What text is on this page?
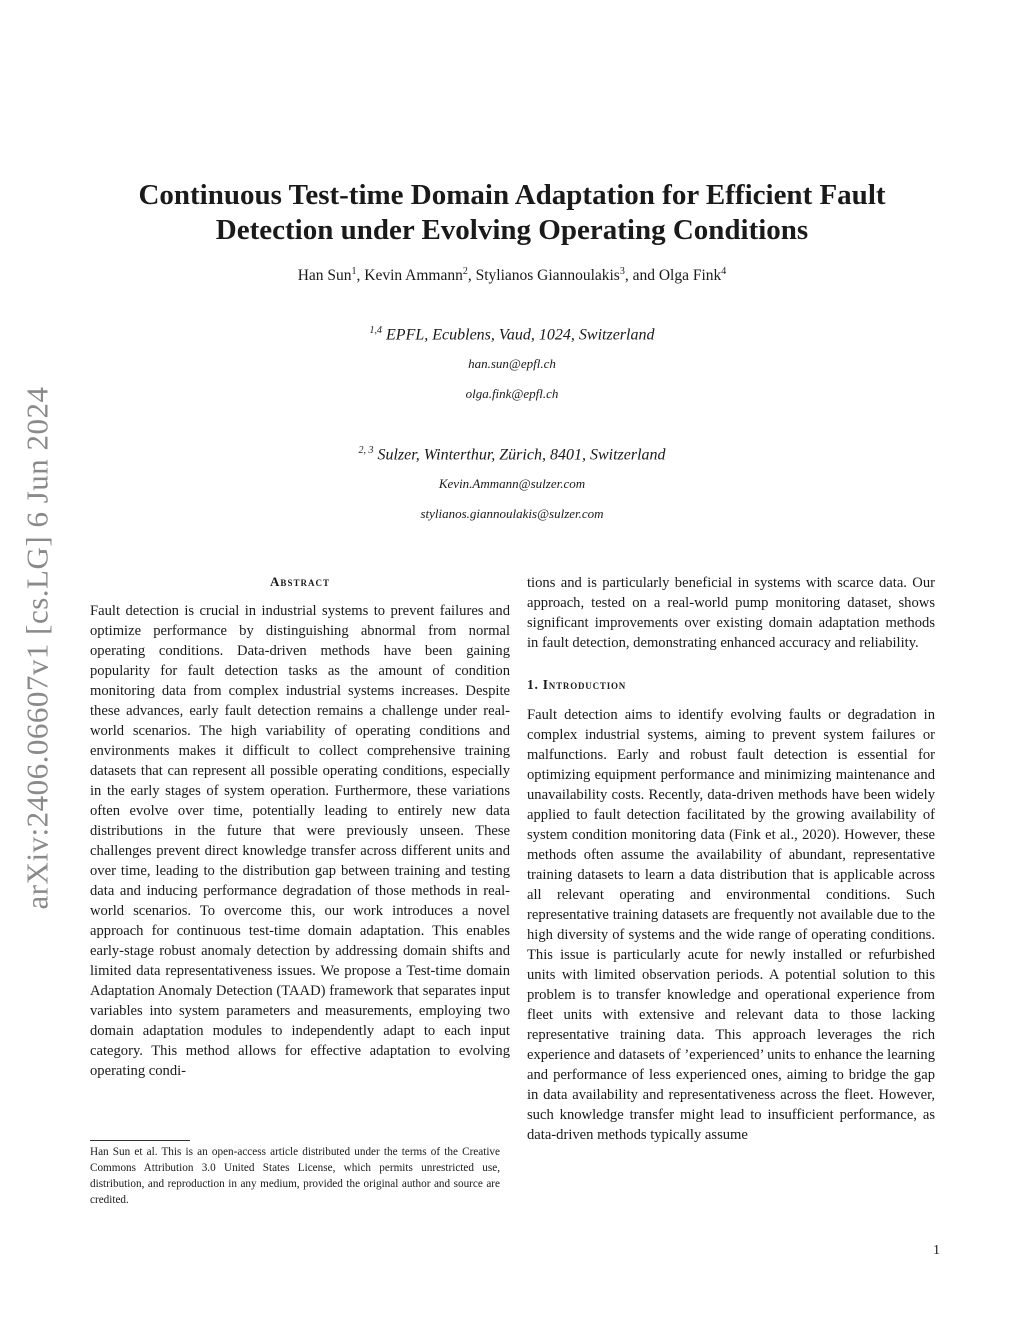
arXiv:2406.06607v1 [cs.LG] 6 Jun 2024
Continuous Test-time Domain Adaptation for Efficient Fault
Detection under Evolving Operating Conditions
Han Sun$^1$, Kevin Ammann$^2$, Stylianos Giannoulakis$^3$, and Olga Fink$^4$
$^{1,4}$ EPFL, Ecublens, Vaud, 1024, Switzerland
han.sun@epfl.ch
olga.fink@epfl.ch
$^{2, 3}$ Sulzer, Winterthur, Zürich, 8401, Switzerland
Kevin.Ammann@sulzer.com
stylianos.giannoulakis@sulzer.com
Abstract

Fault detection is crucial in industrial systems to prevent failures and optimize performance by distinguishing abnormal from normal operating conditions. Data-driven methods have been gaining popularity for fault detection tasks as the amount of condition monitoring data from complex industrial systems increases. Despite these advances, early fault detection remains a challenge under real-world scenarios. The high variability of operating conditions and environments makes it difficult to collect comprehensive training datasets that can represent all possible operating conditions, especially in the early stages of system operation. Furthermore, these variations often evolve over time, potentially leading to entirely new data distributions in the future that were previously unseen. These challenges prevent direct knowledge transfer across different units and over time, leading to the distribution gap between training and testing data and inducing performance degradation of those methods in real-world scenarios. To overcome this, our work introduces a novel approach for continuous test-time domain adaptation. This enables early-stage robust anomaly detection by addressing domain shifts and limited data representativeness issues. We propose a Test-time domain Adaptation Anomaly Detection (TAAD) framework that separates input variables into system parameters and measurements, employing two domain adaptation modules to independently adapt to each input category. This method allows for effective adaptation to evolving operating condi-

tions and is particularly beneficial in systems with scarce data. Our approach, tested on a real-world pump monitoring dataset, shows significant improvements over existing domain adaptation methods in fault detection, demonstrating enhanced accuracy and reliability.

1. Introduction

Fault detection aims to identify evolving faults or degradation in complex industrial systems, aiming to prevent system failures or malfunctions. Early and robust fault detection is essential for optimizing equipment performance and minimizing maintenance and unavailability costs. Recently, data-driven methods have been widely applied to fault detection facilitated by the growing availability of system condition monitoring data (Fink et al., 2020). However, these methods often assume the availability of abundant, representative training datasets to learn a data distribution that is applicable across all relevant operating and environmental conditions. Such representative training datasets are frequently not available due to the high diversity of systems and the wide range of operating conditions. This issue is particularly acute for newly installed or refurbished units with limited observation periods. A potential solution to this problem is to transfer knowledge and operational experience from fleet units with extensive and relevant data to those lacking representative training data. This approach leverages the rich experience and datasets of ’experienced’ units to enhance the learning and performance of less experienced ones, aiming to bridge the gap in data availability and representativeness across the fleet. However, such knowledge transfer might lead to insufficient performance, as data-driven methods typically assume

Han Sun et al. This is an open-access article distributed under the terms of the Creative Commons Attribution 3.0 United States License, which permits unrestricted use, distribution, and reproduction in any medium, provided the original author and source are credited.
1
